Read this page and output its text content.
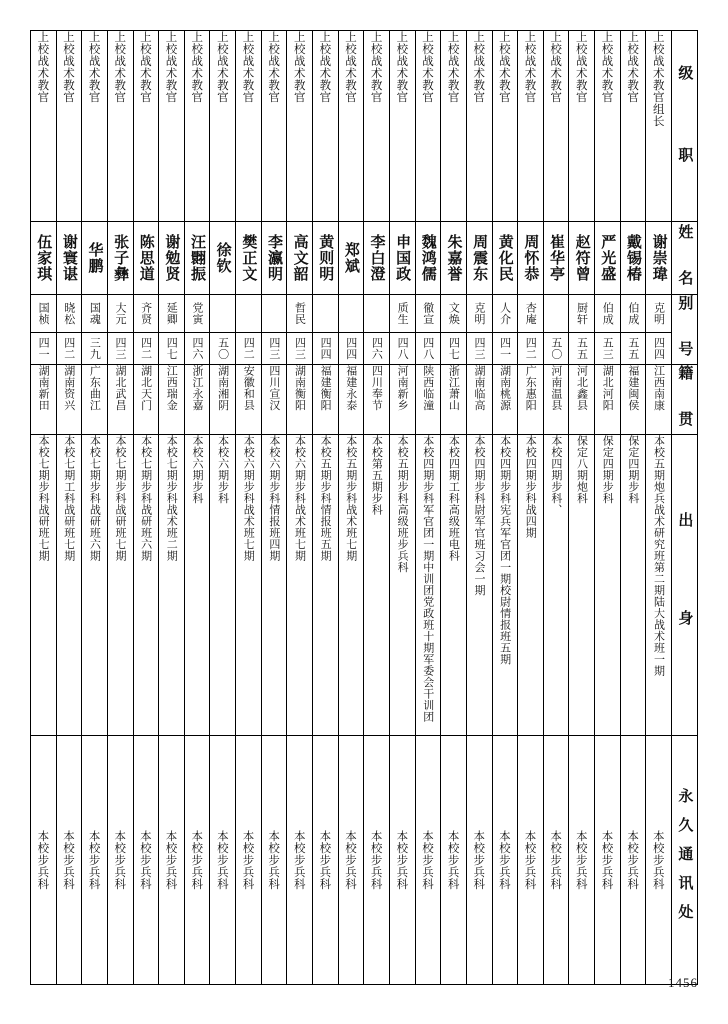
上校战术教官	上校战术教官	上校战术教官	上校战术教官	上校战术教官	上校战术教官	上校战术教官	上校战术教官	上校战术教官	上校战术教官	上校战术教官	上校战术教官	上校战术教官	上校战术教官	上校战术教官	上校战术教官	上校战术教官	上校战术教官	上校战术教官	上校战术教官	上校战术教官	上校战术教官	上校战术教官	上校战术教官	上校战术教官组长	级　职

伍家琪	谢寰谌	华鹏	张子彝	陈思道	谢勉贤	汪翾振	徐钦	樊正文	李瀛明	高文韶	黄则明	郑斌	李白澄	申国政	魏鸿儒	朱嘉誉	周震东	黄化民	周怀恭	崔华亭	赵符曾	严光盛	戴锡椿	谢崇瑋	姓　名

国桢	晓松	国魂	大元	齐贤	延卿	党寅				哲民				质生	徹宣	文焕	克明	人介	杏庵		厨轩	伯成	伯成	克明	别　号

四一	四二	三九	四三	四二	四七	四六	五〇	四二	四三	四三	四四	四四	四六	四八	四八	四七	四三	四一	四二	五〇	五五	五三	五五	四四	

湖南新田	湖南资兴	广东曲江	湖北武昌	湖北天门	江西瑞金	浙江永嘉	湖南湘阴	安徽和县	四川宣汉	湖南衡阳	福建衡阳	福建永泰	四川奉节	河南新乡	陕西临潼	浙江萧山	湖南临高	湖南桃源	广东惠阳	河南温县	河北鑫县	湖北河阳	福建闽侯	江西南康	籍　贯

本校七期步科战研班七期	本校七期工科战研班七期	本校七期步科战研班六期	本校七期步科战研班七期	本校七期步科战研班六期	本校七期步科战术班二期	本校六期步科	本校六期步科	本校六期步科战术班七期	本校六期步科情报班四期	本校六期步科战术班七期	本校五期步科情报班五期	本校五期步科战术班七期	本校第五期步科	本校五期步科高级班步兵科	本校四期步科军官团一期中训团党政班十期军委会干训团	本校四期工科高级班电科	本校四期步科尉军官班习会一期	本校四期步科宪兵军官团一期校尉情报班五期	本校四期步科战四期	本校四期步科、	保定八期炮科	保定四期步科	保定四期步科	本校五期炮兵战术研究班第二期陆大战术班一期	出　身

本校步兵科	本校步兵科	本校步兵科	本校步兵科	本校步兵科	本校步兵科	本校步兵科	本校步兵科	本校步兵科	本校步兵科	本校步兵科	本校步兵科	本校步兵科	本校步兵科	本校步兵科	本校步兵科	本校步兵科	本校步兵科	本校步兵科	本校步兵科	本校步兵科	本校步兵科	本校步兵科	本校步兵科	本校步兵科	永久通讯处
1456
